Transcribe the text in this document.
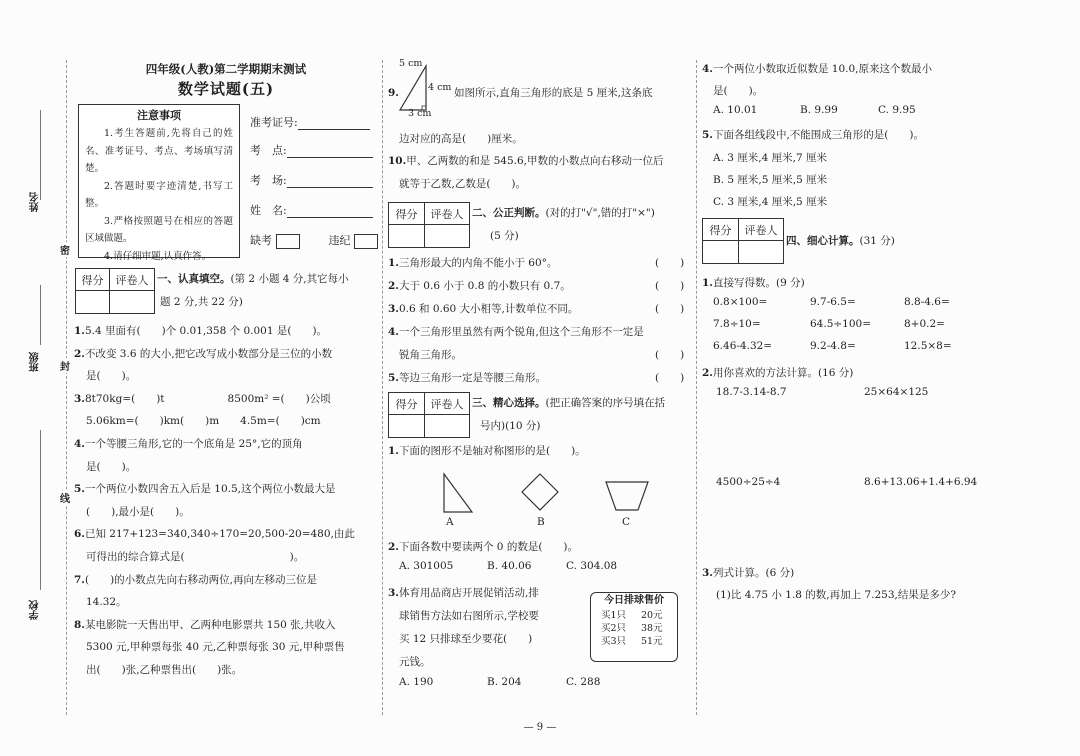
姓名
班级
学校
密
封
线
四年级(人教)第二学期期末测试
数学试题(五)
注意事项

1.考生答题前,先将自己的姓名、准考证号、考点、考场填写清楚。

2.答题时要字迹清楚,书写工整。

3.严格按照题号在相应的答题区域做题。

4.请仔细审题,认真作答。

准考证号:
考　点:
考　场:
姓　名:
缺考	违纪
得分	评卷人 一、认真填空。(第 2 小题 4 分,其它每小
题 2 分,共 22 分)
1.5.4 里面有(　　)个 0.01,358 个 0.001 是(　　)。
2.不改变 3.6 的大小,把它改写成小数部分是三位的小数
是(　　)。
3.8t70kg=(　　)t　　　　　　8500m² =(　　)公顷
5.06km=(　　)km(　　)m　　4.5m=(　　)cm
4.一个等腰三角形,它的一个底角是 25°,它的顶角
是(　　)。
5.一个两位小数四舍五入后是 10.5,这个两位小数最大是
(　　),最小是(　　)。
6.已知 217+123=340,340÷170=20,500-20=480,由此
可得出的综合算式是(　　　　　　　　　　)。
7.(　　)的小数点先向右移动两位,再向左移动三位是
14.32。
8.某电影院一天售出甲、乙两种电影票共 150 张,共收入
5300 元,甲种票每张 40 元,乙种票每张 30 元,甲种票售
出(　　)张,乙种票售出(　　)张。
5 cm
4 cm
3 cm
9.	如图所示,直角三角形的底是 5 厘米,这条底
边对应的高是(　　)厘米。
10.甲、乙两数的和是 545.6,甲数的小数点向右移动一位后
就等于乙数,乙数是(　　)。
得分	评卷人 二、公正判断。(对的打"√",错的打"×")
(5 分)
1.三角形最大的内角不能小于 60°。	(　　)
2.大于 0.6 小于 0.8 的小数只有 0.7。	(　　)
3.0.6 和 0.60 大小相等,计数单位不同。	(　　)
4.一个三角形里虽然有两个锐角,但这个三角形不一定是
锐角三角形。	(　　)
5.等边三角形一定是等腰三角形。	(　　)
得分	评卷人 三、精心选择。(把正确答案的序号填在括
号内)(10 分)
1.下面的图形不是轴对称图形的是(　　)。
A	B	C
2.下面各数中要读两个 0 的数是(　　)。
A. 301005	B. 40.06	C. 304.08
3.体育用品商店开展促销活动,排
球销售方法如右图所示,学校要
买 12 只排球至少要花(　　)
元钱。
A. 190	B. 204	C. 288
今日排球售价
买1只 20元
买2只 38元
买3只 51元
4.一个两位小数取近似数是 10.0,原来这个数最小
是(　　)。
A. 10.01	B. 9.99	C. 9.95
5.下面各组线段中,不能围成三角形的是(　　)。
A. 3 厘米,4 厘米,7 厘米
B. 5 厘米,5 厘米,5 厘米
C. 3 厘米,4 厘米,5 厘米
得分	评卷人
四、细心计算。(31 分)
1.直接写得数。(9 分)
0.8×100=	9.7-6.5=	8.8-4.6=
7.8÷10=	64.5÷100=	8+0.2=
6.46-4.32=	9.2-4.8=	12.5×8=
2.用你喜欢的方法计算。(16 分)
18.7-3.14-8.7	25×64×125
4500÷25÷4	8.6+13.06+1.4+6.94
3.列式计算。(6 分)
(1)比 4.75 小 1.8 的数,再加上 7.253,结果是多少?
— 9 —
